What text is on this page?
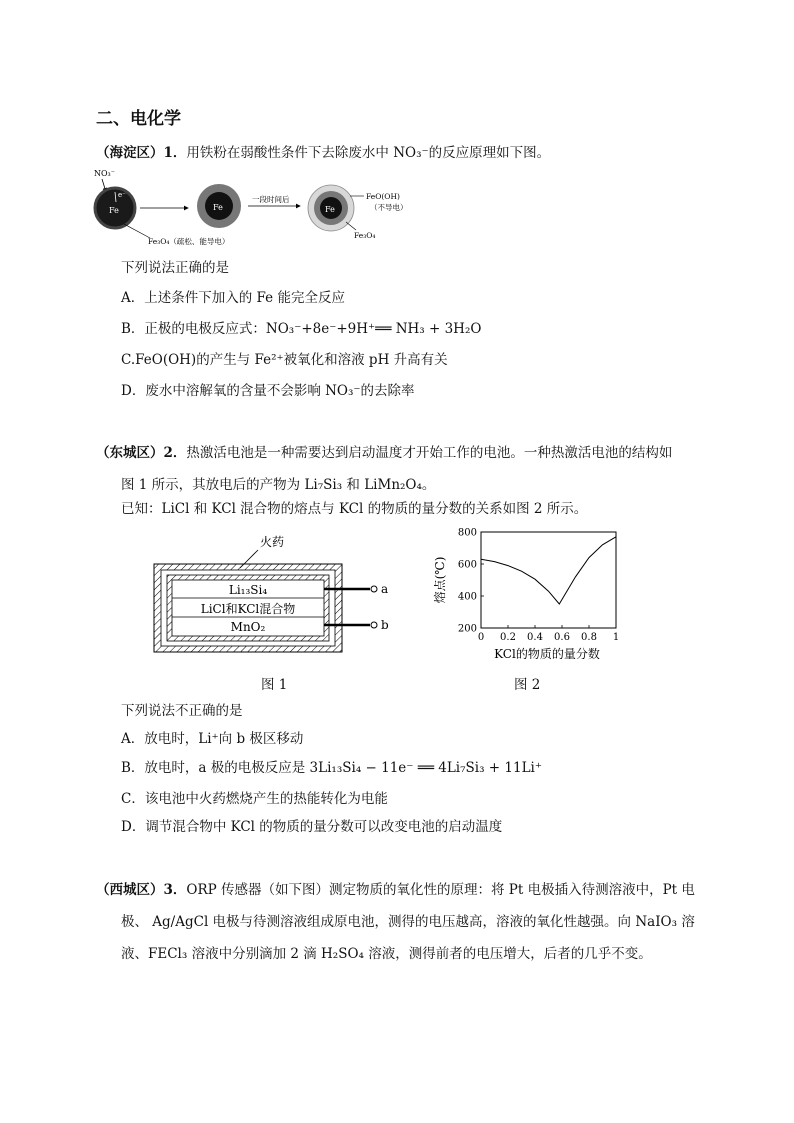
二、电化学
（海淀区）1．用铁粉在弱酸性条件下去除废水中 NO₃⁻的反应原理如下图。
NO₃⁻
Fe
e⁻
Fe₃O₄（疏松、能导电）
Fe
一段时间后
Fe
FeO(OH)
（不导电）
Fe₃O₄
下列说法正确的是
A．上述条件下加入的 Fe 能完全反应
B．正极的电极反应式：NO₃⁻+8e⁻+9H⁺══ NH₃ + 3H₂O
C.FeO(OH)的产生与 Fe²⁺被氧化和溶液 pH 升高有关
D．废水中溶解氧的含量不会影响 NO₃⁻的去除率
（东城区）2．热激活电池是一种需要达到启动温度才开始工作的电池。一种热激活电池的结构如
图 1 所示，其放电后的产物为 Li₇Si₃ 和 LiMn₂O₄。
已知：LiCl 和 KCl 混合物的熔点与 KCl 的物质的量分数的关系如图 2 所示。
火药
Li₁₃Si₄
LiCl和KCl混合物
MnO₂
a
b
图 1
0 0.2 0.4 0.6 0.8 1
200
400
600
800
KCl的物质的量分数
熔点(℃)
图 2
下列说法不正确的是
A．放电时，Li⁺向 b 极区移动
B．放电时，a 极的电极反应是 3Li₁₃Si₄ − 11e⁻ ══ 4Li₇Si₃ + 11Li⁺
C．该电池中火药燃烧产生的热能转化为电能
D．调节混合物中 KCl 的物质的量分数可以改变电池的启动温度
（西城区）3．ORP 传感器（如下图）测定物质的氧化性的原理：将 Pt 电极插入待测溶液中，Pt 电
极、 Ag/AgCl 电极与待测溶液组成原电池，测得的电压越高，溶液的氧化性越强。向 NaIO₃ 溶
液、FECl₃ 溶液中分别滴加 2 滴 H₂SO₄ 溶液，测得前者的电压增大，后者的几乎不变。
